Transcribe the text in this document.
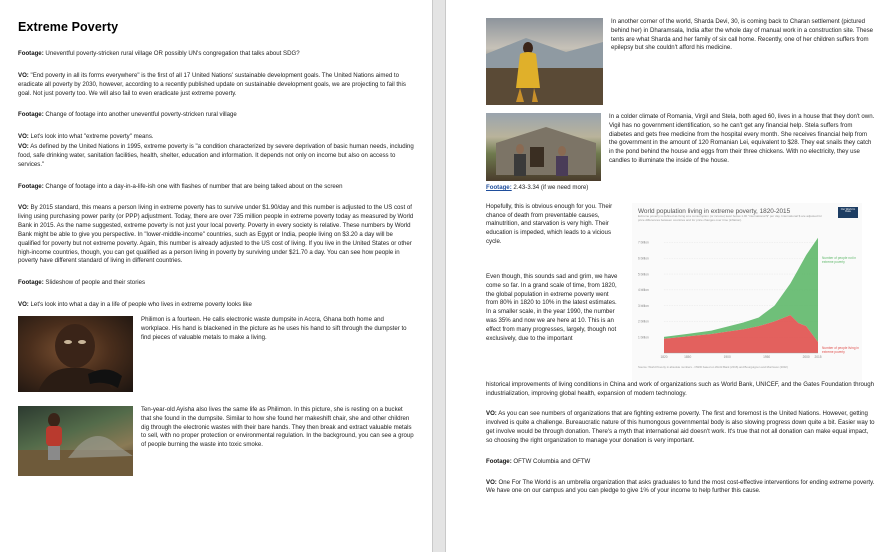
Extreme Poverty

Footage: Uneventful poverty-stricken rural village OR possibly UN's congregation that talks about SDG?

VO: "End poverty in all its forms everywhere" is the first of all 17 United Nations' sustainable development goals. The United Nations aimed to eradicate all poverty by 2030, however, according to a recently published update on sustainable development goals, we are projecting to fail this goal. Not just poverty too. We will also fail to even eradicate just extreme poverty.

Footage: Change of footage into another uneventful poverty-stricken rural village

VO: Let's look into what "extreme poverty" means.

VO: As defined by the United Nations in 1995, extreme poverty is "a condition characterized by severe deprivation of basic human needs, including food, safe drinking water, sanitation facilities, health, shelter, education and information. It depends not only on income but also on access to services."

Footage: Change of footage into a day-in-a-life-ish one with flashes of number that are being talked about on the screen

VO: By 2015 standard, this means a person living in extreme poverty has to survive under $1.90/day and this number is adjusted to the US cost of living using purchasing power parity (or PPP) adjustment. Today, there are over 735 million people in extreme poverty today as measured by World Bank in 2015. As the name suggested, extreme poverty is not just your local poverty. Poverty in every society is relative. These numbers by World Bank might be able to give you perspective. In "lower-middle-income" countries, such as Egypt or India, people living on $3.20 a day will be qualified for poverty but not extreme poverty. Again, this number is already adjusted to the US cost of living. If you live in the United States or other high-income countries, though, you can get qualified as a person living in poverty by surviving under $21.70 a day. You can see how people in poverty have different standard of living in different countries.

Footage: Slideshow of people and their stories

VO: Let's look into what a day in a life of people who lives in extreme poverty looks like

Philimon is a fourteen. He calls electronic waste dumpsite in Accra, Ghana both home and workplace. His hand is blackened in the picture as he uses his hand to sift through the dumpster to find pieces of valuable metals to make a living.

Ten-year-old Ayisha also lives the same life as Philimon. In this picture, she is resting on a bucket that she found in the dumpsite. Similar to how she found her makeshift chair, she and other children dig through the electronic wastes with their bare hands. They then break and extract valuable metals to sell, with no proper protection or environmental regulation. In the background, you can see a group of people burning the waste into toxic smoke.

In another corner of the world, Sharda Devi, 30, is coming back to Charan settlement (pictured behind her) in Dharamsala, India after the whole day of manual work in a construction site. These tents are what Sharda and her family of six call home. Recently, one of her children suffers from epilepsy but she couldn't afford his medicine.

In a colder climate of Romania, Virgil and Stela, both aged 60, lives in a house that they don't own. Vigil has no government identification, so he can't get any financial help. Stela suffers from diabetes and gets free medicine from the hospital every month. She receives financial help from the government in the amount of 120 Romanian Lei, equivalent to $28. They eat snails they catch in the pond behind the house and eggs from their three chickens. With no electricity, they use candles to illuminate the inside of the house.

Footage: 2.43-3.34 (if we need more)

Hopefully, this is obvious enough for you. Their chance of death from preventable causes, malnutrition, and starvation is very high. Their education is impeded, which leads to a vicious cycle.

Even though, this sounds sad and grim, we have come so far. In a grand scale of time, from 1820, the global population in extreme poverty went from 80% in 1820 to 10% in the latest estimates. In a smaller scale, in the year 1990, the number was 35% and now we are here at 10. This is an effect from many progresses, largely, though not exclusively, due to the important

World population living in extreme poverty, 1820-2015
Extreme poverty is defined as living at a consumption (or income) level below 1.90 "international $" per day. International $ are adjusted for price differences between countries and for price changes over time (inflation).
Our World in Data
7 billion
6 billion
5 billion
4 billion
3 billion
2 billion
1 billion
1820	1850	1900	1950	2000 2015
Number of people not in extreme poverty
Number of people living in extreme poverty
Source: World Poverty in absolute numbers - OWID based on World Bank (2016) and Bourguignon and Morrisson (2002)

historical improvements of living conditions in China and work of organizations such as World Bank, UNICEF, and the Gates Foundation through industrialization, improving global health, expansion of modern technology.

VO: As you can see numbers of organizations that are fighting extreme poverty. The first and foremost is the United Nations. However, getting involved is quite a challenge. Bureaucratic nature of this humongous governmental body is also slowing progress down quite a bit. Easier way to get involve would be through donation. There's a myth that international aid doesn't work. It's true that not all donation can make equal impact, so choosing the right organization to manage your donation is very important.

Footage: OFTW Columbia and OFTW

VO: One For The World is an umbrella organization that asks graduates to fund the most cost-effective interventions for ending extreme poverty. We have one on our campus and you can pledge to give 1% of your income to help further this cause.
